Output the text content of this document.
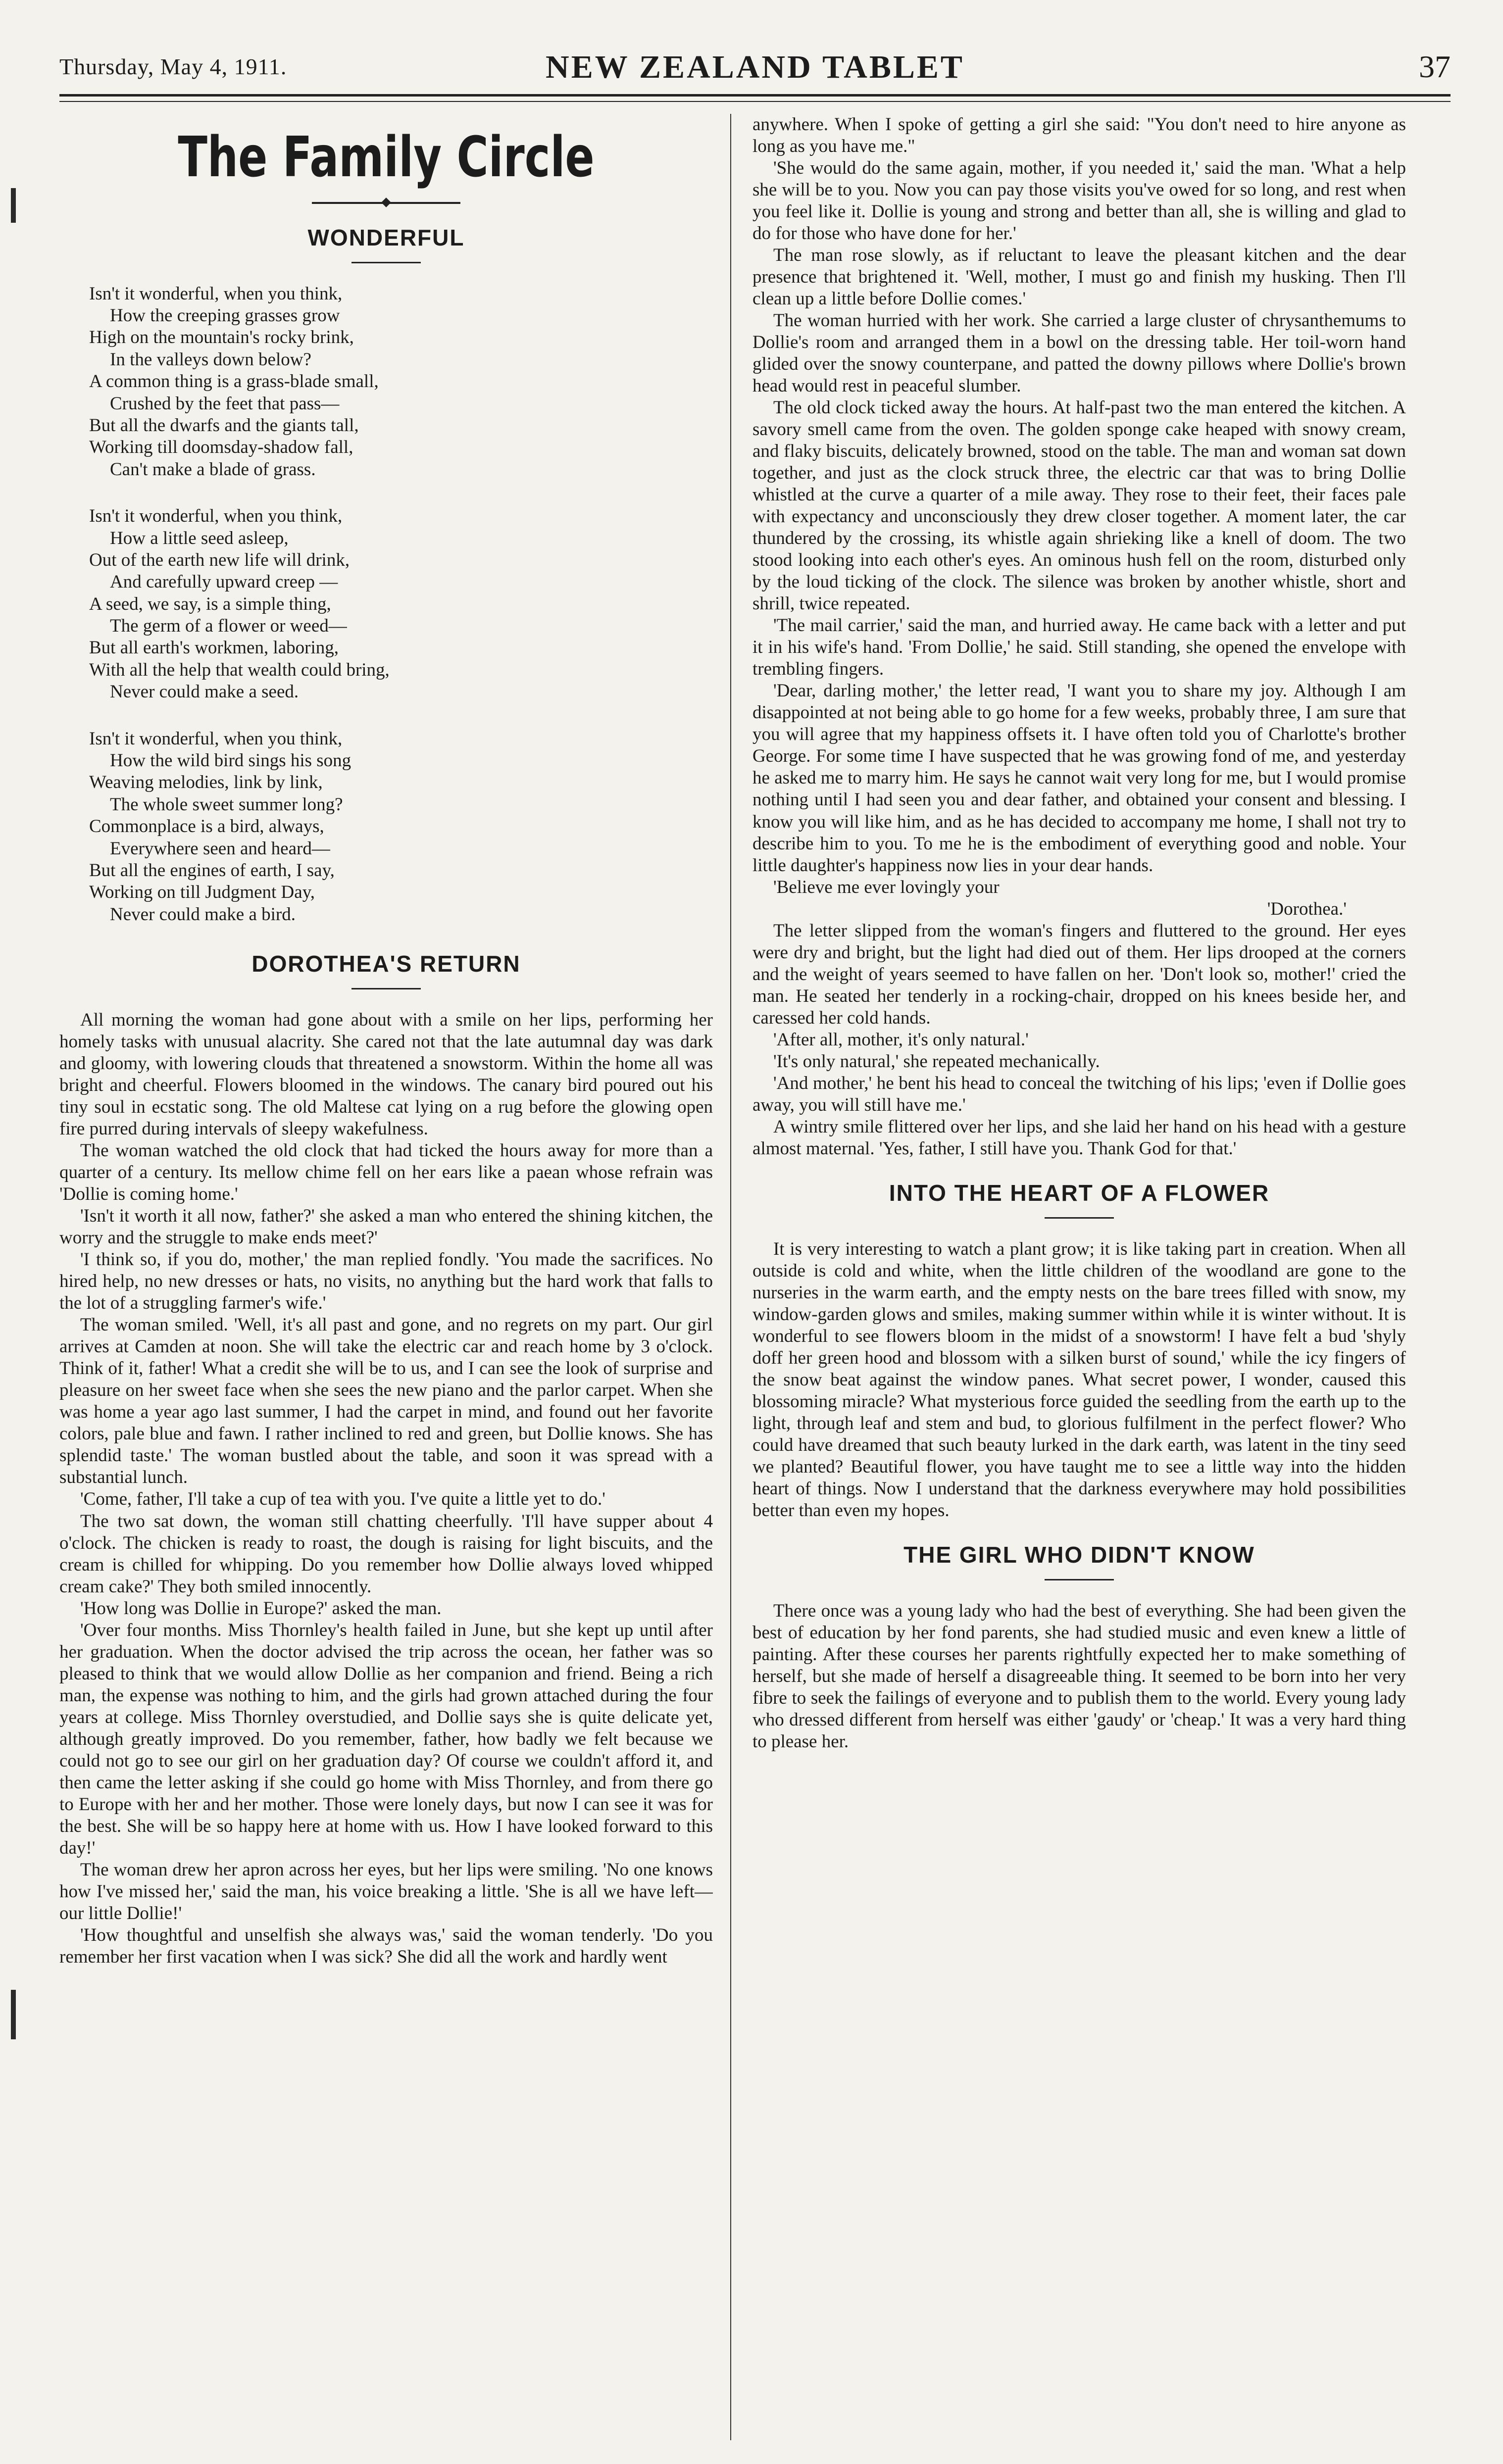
Thursday, May 4, 1911.	NEW ZEALAND TABLET	37
The Family Circle
WONDERFUL
Isn't it wonderful, when you think,
How the creeping grasses grow
High on the mountain's rocky brink,
In the valleys down below?
A common thing is a grass-blade small,
Crushed by the feet that pass—
But all the dwarfs and the giants tall,
Working till doomsday-shadow fall,
Can't make a blade of grass.
Isn't it wonderful, when you think,
How a little seed asleep,
Out of the earth new life will drink,
And carefully upward creep —
A seed, we say, is a simple thing,
The germ of a flower or weed—
But all earth's workmen, laboring,
With all the help that wealth could bring,
Never could make a seed.
Isn't it wonderful, when you think,
How the wild bird sings his song
Weaving melodies, link by link,
The whole sweet summer long?
Commonplace is a bird, always,
Everywhere seen and heard—
But all the engines of earth, I say,
Working on till Judgment Day,
Never could make a bird.
DOROTHEA'S RETURN

All morning the woman had gone about with a smile on her lips, performing her homely tasks with unusual alacrity. She cared not that the late autumnal day was dark and gloomy, with lowering clouds that threatened a snowstorm. Within the home all was bright and cheerful. Flowers bloomed in the windows. The canary bird poured out his tiny soul in ecstatic song. The old Maltese cat lying on a rug before the glowing open fire purred during intervals of sleepy wakefulness.

The woman watched the old clock that had ticked the hours away for more than a quarter of a century. Its mellow chime fell on her ears like a paean whose refrain was 'Dollie is coming home.'

'Isn't it worth it all now, father?' she asked a man who entered the shining kitchen, the worry and the struggle to make ends meet?'

'I think so, if you do, mother,' the man replied fondly. 'You made the sacrifices. No hired help, no new dresses or hats, no visits, no anything but the hard work that falls to the lot of a struggling farmer's wife.'

The woman smiled. 'Well, it's all past and gone, and no regrets on my part. Our girl arrives at Camden at noon. She will take the electric car and reach home by 3 o'clock. Think of it, father! What a credit she will be to us, and I can see the look of surprise and pleasure on her sweet face when she sees the new piano and the parlor carpet. When she was home a year ago last summer, I had the carpet in mind, and found out her favorite colors, pale blue and fawn. I rather inclined to red and green, but Dollie knows. She has splendid taste.' The woman bustled about the table, and soon it was spread with a substantial lunch.

'Come, father, I'll take a cup of tea with you. I've quite a little yet to do.'

The two sat down, the woman still chatting cheerfully. 'I'll have supper about 4 o'clock. The chicken is ready to roast, the dough is raising for light biscuits, and the cream is chilled for whipping. Do you remember how Dollie always loved whipped cream cake?' They both smiled innocently.

'How long was Dollie in Europe?' asked the man.

'Over four months. Miss Thornley's health failed in June, but she kept up until after her graduation. When the doctor advised the trip across the ocean, her father was so pleased to think that we would allow Dollie as her companion and friend. Being a rich man, the expense was nothing to him, and the girls had grown attached during the four years at college. Miss Thornley overstudied, and Dollie says she is quite delicate yet, although greatly improved. Do you remember, father, how badly we felt because we could not go to see our girl on her graduation day? Of course we couldn't afford it, and then came the letter asking if she could go home with Miss Thornley, and from there go to Europe with her and her mother. Those were lonely days, but now I can see it was for the best. She will be so happy here at home with us. How I have looked forward to this day!'

The woman drew her apron across her eyes, but her lips were smiling. 'No one knows how I've missed her,' said the man, his voice breaking a little. 'She is all we have left—our little Dollie!'

'How thoughtful and unselfish she always was,' said the woman tenderly. 'Do you remember her first vacation when I was sick? She did all the work and hardly went

anywhere. When I spoke of getting a girl she said: "You don't need to hire anyone as long as you have me."

'She would do the same again, mother, if you needed it,' said the man. 'What a help she will be to you. Now you can pay those visits you've owed for so long, and rest when you feel like it. Dollie is young and strong and better than all, she is willing and glad to do for those who have done for her.'

The man rose slowly, as if reluctant to leave the pleasant kitchen and the dear presence that brightened it. 'Well, mother, I must go and finish my husking. Then I'll clean up a little before Dollie comes.'

The woman hurried with her work. She carried a large cluster of chrysanthemums to Dollie's room and arranged them in a bowl on the dressing table. Her toil-worn hand glided over the snowy counterpane, and patted the downy pillows where Dollie's brown head would rest in peaceful slumber.

The old clock ticked away the hours. At half-past two the man entered the kitchen. A savory smell came from the oven. The golden sponge cake heaped with snowy cream, and flaky biscuits, delicately browned, stood on the table. The man and woman sat down together, and just as the clock struck three, the electric car that was to bring Dollie whistled at the curve a quarter of a mile away. They rose to their feet, their faces pale with expectancy and unconsciously they drew closer together. A moment later, the car thundered by the crossing, its whistle again shrieking like a knell of doom. The two stood looking into each other's eyes. An ominous hush fell on the room, disturbed only by the loud ticking of the clock. The silence was broken by another whistle, short and shrill, twice repeated.

'The mail carrier,' said the man, and hurried away. He came back with a letter and put it in his wife's hand. 'From Dollie,' he said. Still standing, she opened the envelope with trembling fingers.

'Dear, darling mother,' the letter read, 'I want you to share my joy. Although I am disappointed at not being able to go home for a few weeks, probably three, I am sure that you will agree that my happiness offsets it. I have often told you of Charlotte's brother George. For some time I have suspected that he was growing fond of me, and yesterday he asked me to marry him. He says he cannot wait very long for me, but I would promise nothing until I had seen you and dear father, and obtained your consent and blessing. I know you will like him, and as he has decided to accompany me home, I shall not try to describe him to you. To me he is the embodiment of everything good and noble. Your little daughter's happiness now lies in your dear hands.

'Believe me ever lovingly your

'Dorothea.'

The letter slipped from the woman's fingers and fluttered to the ground. Her eyes were dry and bright, but the light had died out of them. Her lips drooped at the corners and the weight of years seemed to have fallen on her. 'Don't look so, mother!' cried the man. He seated her tenderly in a rocking-chair, dropped on his knees beside her, and caressed her cold hands.

'After all, mother, it's only natural.'

'It's only natural,' she repeated mechanically.

'And mother,' he bent his head to conceal the twitching of his lips; 'even if Dollie goes away, you will still have me.'

A wintry smile flittered over her lips, and she laid her hand on his head with a gesture almost maternal. 'Yes, father, I still have you. Thank God for that.'

INTO THE HEART OF A FLOWER

It is very interesting to watch a plant grow; it is like taking part in creation. When all outside is cold and white, when the little children of the woodland are gone to the nurseries in the warm earth, and the empty nests on the bare trees filled with snow, my window-garden glows and smiles, making summer within while it is winter without. It is wonderful to see flowers bloom in the midst of a snowstorm! I have felt a bud 'shyly doff her green hood and blossom with a silken burst of sound,' while the icy fingers of the snow beat against the window panes. What secret power, I wonder, caused this blossoming miracle? What mysterious force guided the seedling from the earth up to the light, through leaf and stem and bud, to glorious fulfilment in the perfect flower? Who could have dreamed that such beauty lurked in the dark earth, was latent in the tiny seed we planted? Beautiful flower, you have taught me to see a little way into the hidden heart of things. Now I understand that the darkness everywhere may hold possibilities better than even my hopes.

THE GIRL WHO DIDN'T KNOW

There once was a young lady who had the best of everything. She had been given the best of education by her fond parents, she had studied music and even knew a little of painting. After these courses her parents rightfully expected her to make something of herself, but she made of herself a disagreeable thing. It seemed to be born into her very fibre to seek the failings of everyone and to publish them to the world. Every young lady who dressed different from herself was either 'gaudy' or 'cheap.' It was a very hard thing to please her.
